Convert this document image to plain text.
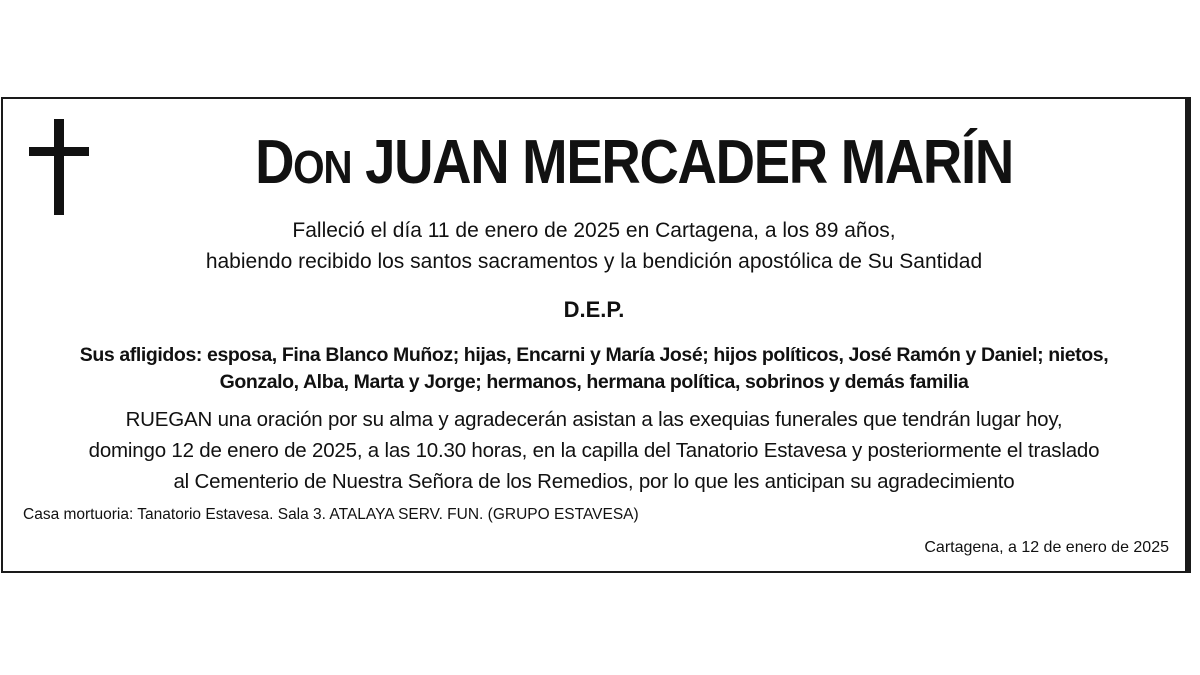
DON JUAN MERCADER MARÍN
Falleció el día 11 de enero de 2025 en Cartagena, a los 89 años,
habiendo recibido los santos sacramentos y la bendición apostólica de Su Santidad
D.E.P.
Sus afligidos: esposa, Fina Blanco Muñoz; hijas, Encarni y María José; hijos políticos, José Ramón y Daniel; nietos,
Gonzalo, Alba, Marta y Jorge; hermanos, hermana política, sobrinos y demás familia
RUEGAN una oración por su alma y agradecerán asistan a las exequias funerales que tendrán lugar hoy,
domingo 12 de enero de 2025, a las 10.30 horas, en la capilla del Tanatorio Estavesa y posteriormente el traslado
al Cementerio de Nuestra Señora de los Remedios, por lo que les anticipan su agradecimiento
Casa mortuoria: Tanatorio Estavesa. Sala 3. ATALAYA SERV. FUN. (GRUPO ESTAVESA)
Cartagena, a 12 de enero de 2025
